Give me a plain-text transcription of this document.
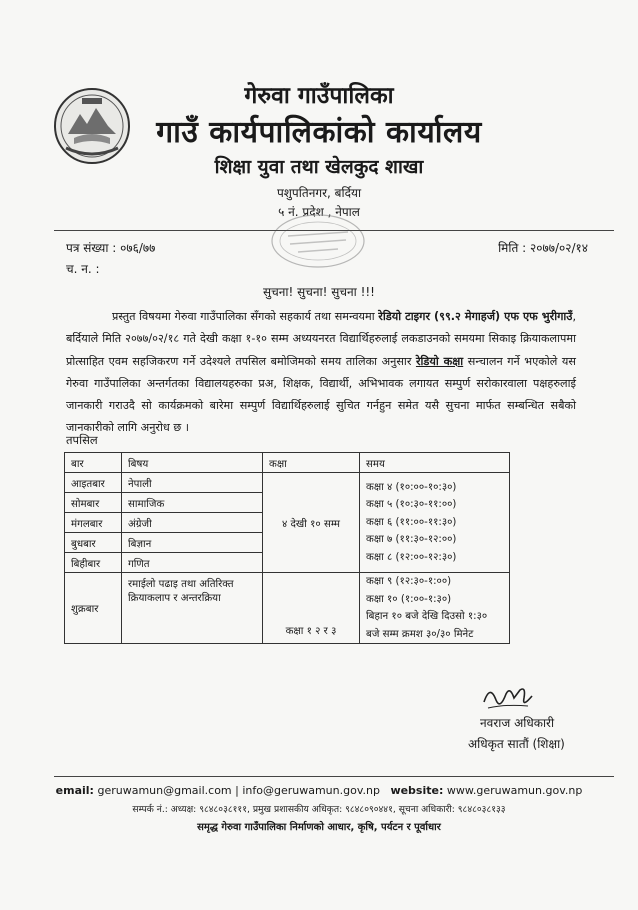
गेरुवा गाउँपालिका
गाउँ कार्यपालिकांको कार्यालय
शिक्षा युवा तथा खेलकुद शाखा
पशुपतिनगर, बर्दिया
५ नं. प्रदेश , नेपाल
पत्र संख्या : ०७६/७७
च. न. :
मिति : २०७७/०२/१४
सुचना! सुचना! सुचना !!!
प्रस्तुत विषयमा गेरुवा गाउँपालिका सँगको सहकार्य तथा समन्वयमा रेडियो टाइगर (९९.२ मेगाहर्ज) एफ एफ भुरीगाउँ, बर्दियाले मिति २०७७/०२/१८ गते देखी कक्षा १-१० सम्म अध्ययनरत विद्यार्थिहरुलाई लकडाउनको समयमा सिकाइ क्रियाकलापमा प्रोत्साहित एवम सहजिकरण गर्ने उदेश्यले तपसिल बमोजिमको समय तालिका अनुसार रेडियो कक्षा सन्चालन गर्ने भएकोले यस गेरुवा गाउँपालिका अन्तर्गतका विद्यालयहरुका प्रअ, शिक्षक, विद्यार्थी, अभिभावक लगायत सम्पुर्ण सरोकारवाला पक्षहरुलाई जानकारी गराउदै सो कार्यक्रमको बारेमा सम्पुर्ण विद्यार्थिहरुलाई सुचित गर्नहुन समेत यसै सुचना मार्फत सम्बन्धित सबैको जानकारीको लागि अनुरोध छ ।
तपसिल
बार	बिषय	कक्षा	समय
आइतबार	नेपाली	४ देखी १० सम्म	कक्षा ४ (१०:००-१०:३०)
कक्षा ५ (१०:३०-११:००)
कक्षा ६ (११:००-११:३०)
कक्षा ७ (११:३०-१२:००)
कक्षा ८ (१२:००-१२:३०)

सोमबार	सामाजिक		
मंगलबार	अंग्रेजी		
बुधबार	बिज्ञान		
बिहीबार	गणित		
शुक्रबार	रमाईलो पढाइ तथा अतिरिक्त क्रियाकलाप र अन्तरक्रिया	कक्षा १ २ र ३	कक्षा ९ (१२:३०-१:००)
कक्षा १० (१:००-१:३०)
बिहान १० बजे देखि दिउसो १:३०
बजे सम्म क्रमश ३०/३० मिनेट
नवराज अधिकारी
अधिकृत सातौं (शिक्षा)
email: geruwamun@gmail.com | info@geruwamun.gov.np website: www.geruwamun.gov.np
सम्पर्क नं.: अध्यक्ष: ९८४८०३८१११, प्रमुख प्रशासकीय अधिकृत: ९८४८०९०४४१, सूचना अधिकारी: ९८४८०३८१३३
समृद्ध गेरुवा गाउँपालिका निर्माणको आधार, कृषि, पर्यटन र पूर्वाधार
